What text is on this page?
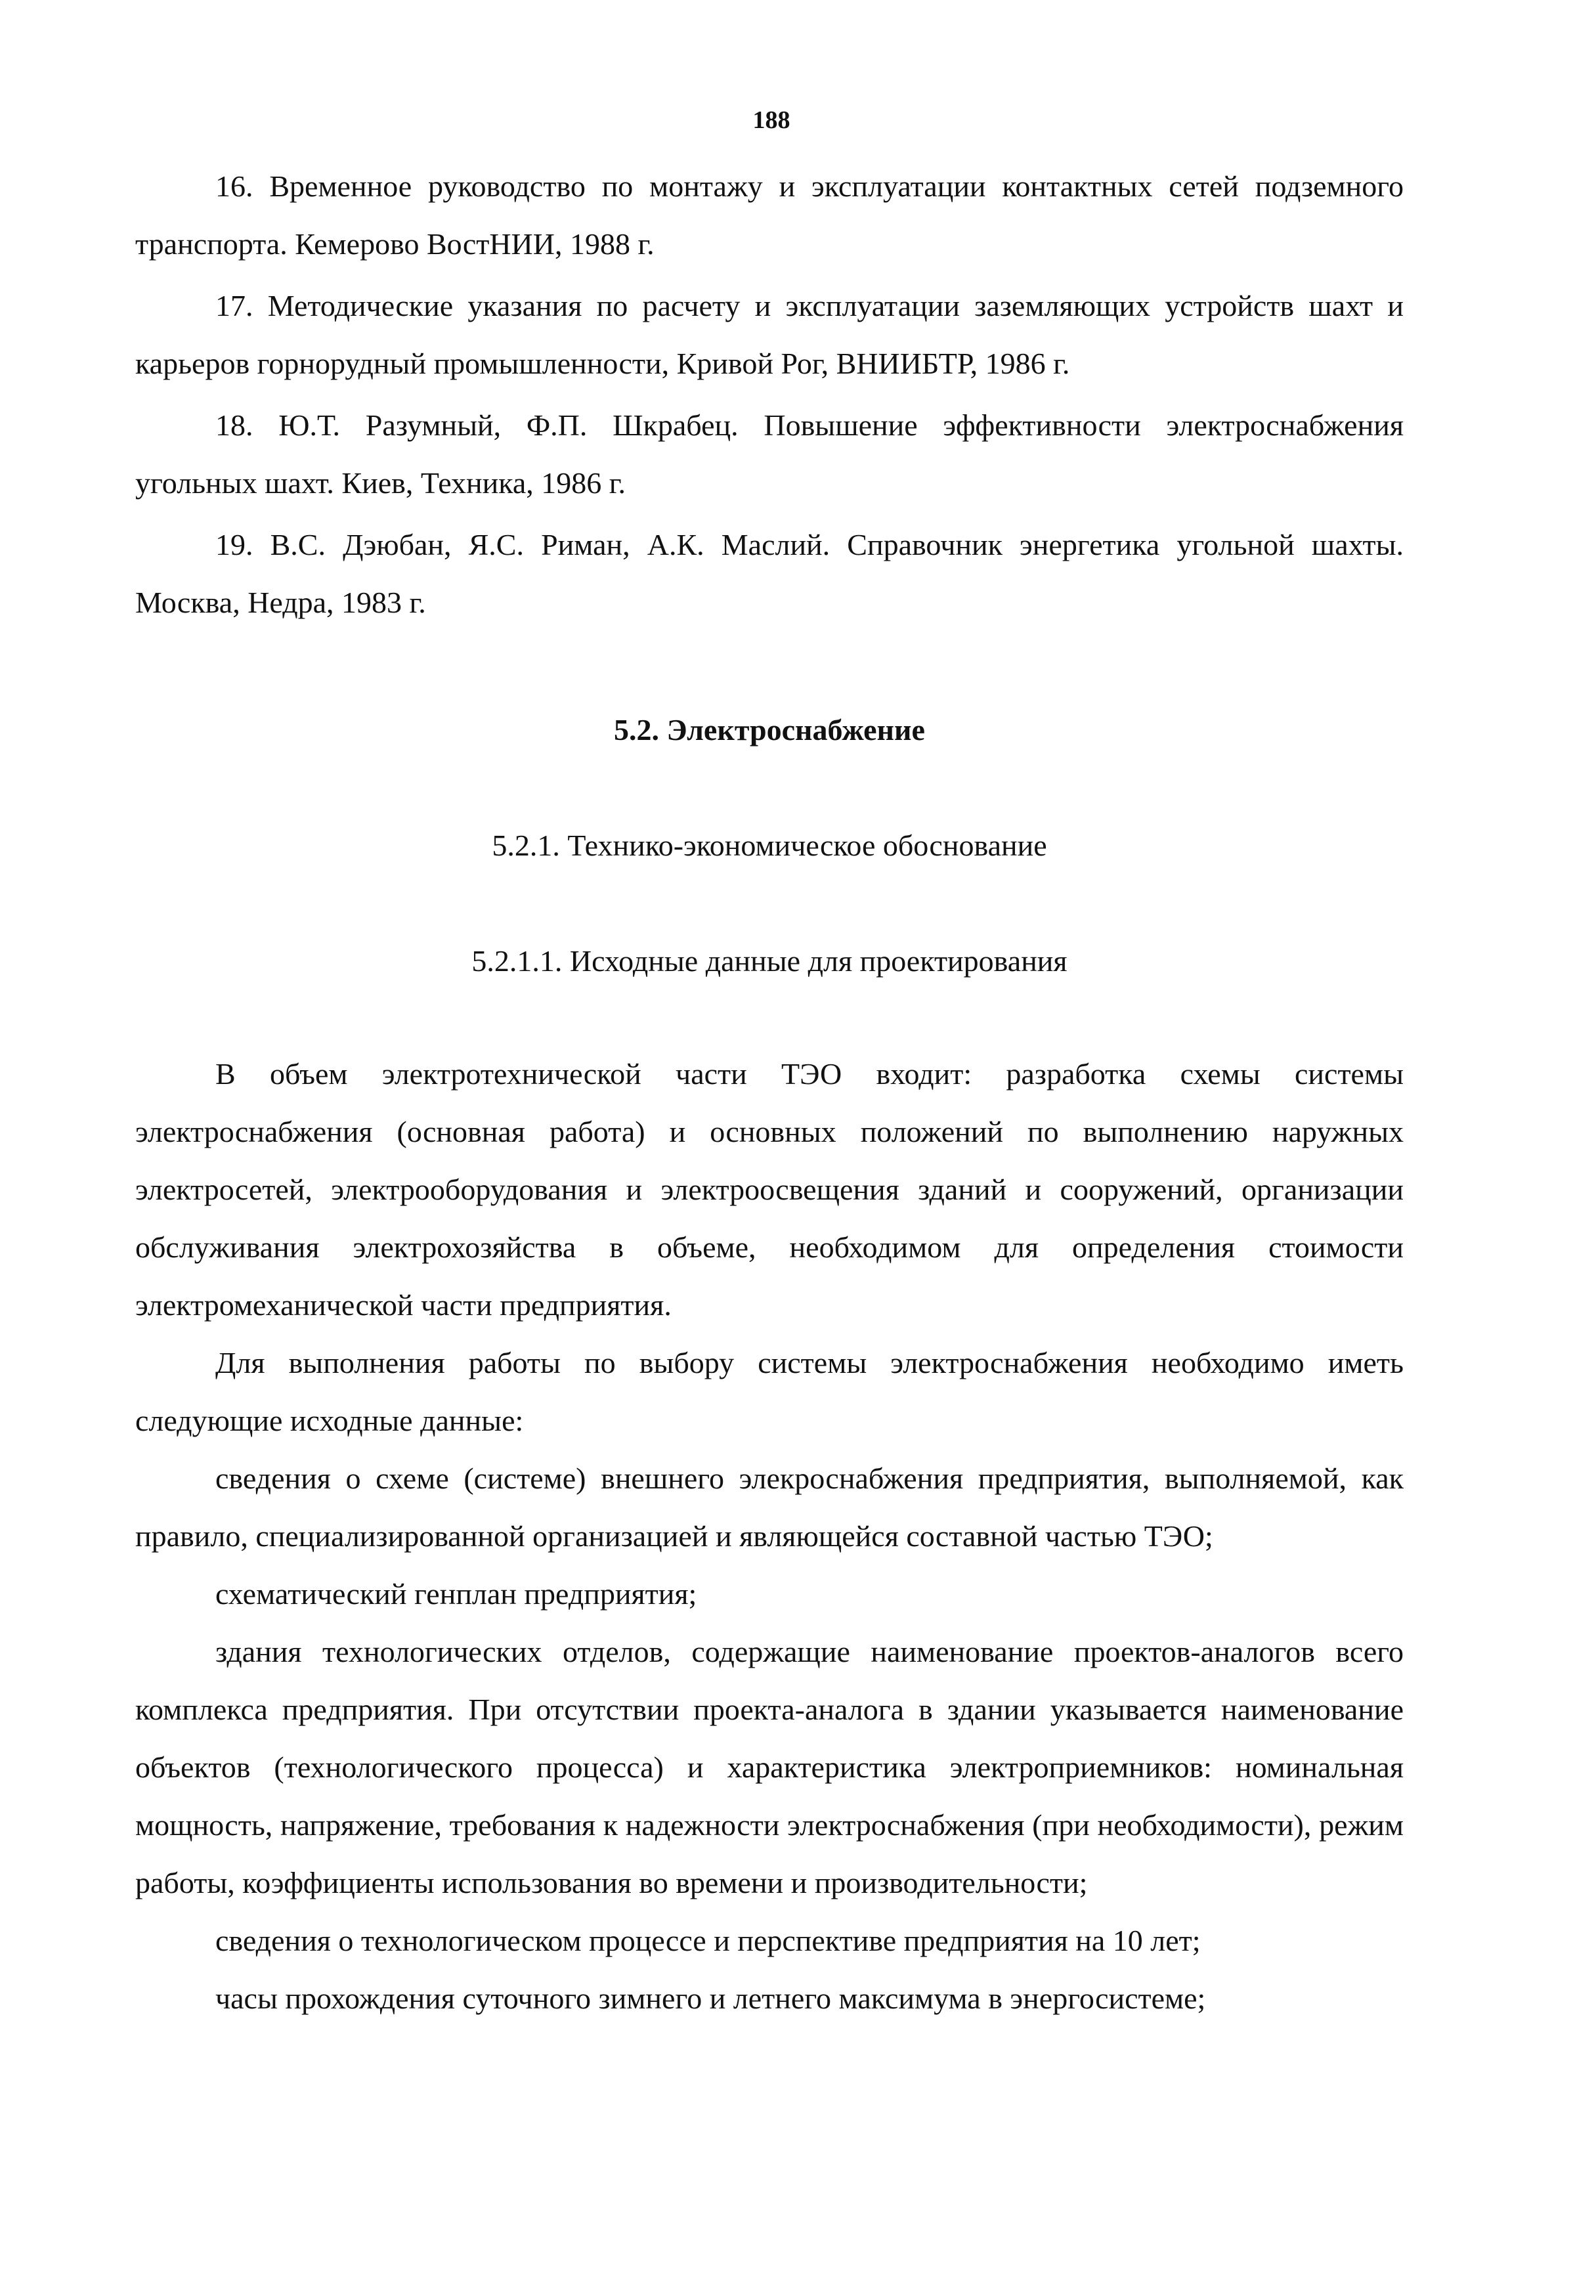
188

16. Временное руководство по монтажу и эксплуатации контактных сетей подземного транспорта. Кемерово ВостНИИ, 1988 г.

17. Методические указания по расчету и эксплуатации заземляющих устройств шахт и карьеров горнорудный промышленности, Кривой Рог, ВНИИБТР, 1986 г.

18. Ю.Т. Разумный, Ф.П. Шкрабец. Повышение эффективности электроснабжения угольных шахт. Киев, Техника, 1986 г.

19. В.С. Дэюбан, Я.С. Риман, А.К. Маслий. Справочник энергетика угольной шахты. Москва, Недра, 1983 г.

5.2. Электроснабжение
5.2.1. Технико-экономическое обоснование
5.2.1.1. Исходные данные для проектирования

В объем электротехнической части ТЭО входит: разработка схемы системы электроснабжения (основная работа) и основных положений по выполнению наружных электросетей, электрооборудования и электроосвещения зданий и сооружений, организации обслуживания электрохозяйства в объеме, необходимом для определения стоимости электромеханической части предприятия.

Для выполнения работы по выбору системы электроснабжения необходимо иметь следующие исходные данные:

сведения о схеме (системе) внешнего элекроснабжения предприятия, выполняемой, как правило, специализированной организацией и являющейся составной частью ТЭО;

схематический генплан предприятия;

здания технологических отделов, содержащие наименование проектов-аналогов всего комплекса предприятия. При отсутствии проекта-аналога в здании указывается наименование объектов (технологического процесса) и характеристика электроприемников: номинальная мощность, напряжение, требования к надежности электроснабжения (при необходимости), режим работы, коэффициенты использования во времени и производительности;

сведения о технологическом процессе и перспективе предприятия на 10 лет;

часы прохождения суточного зимнего и летнего максимума в энергосистеме;
